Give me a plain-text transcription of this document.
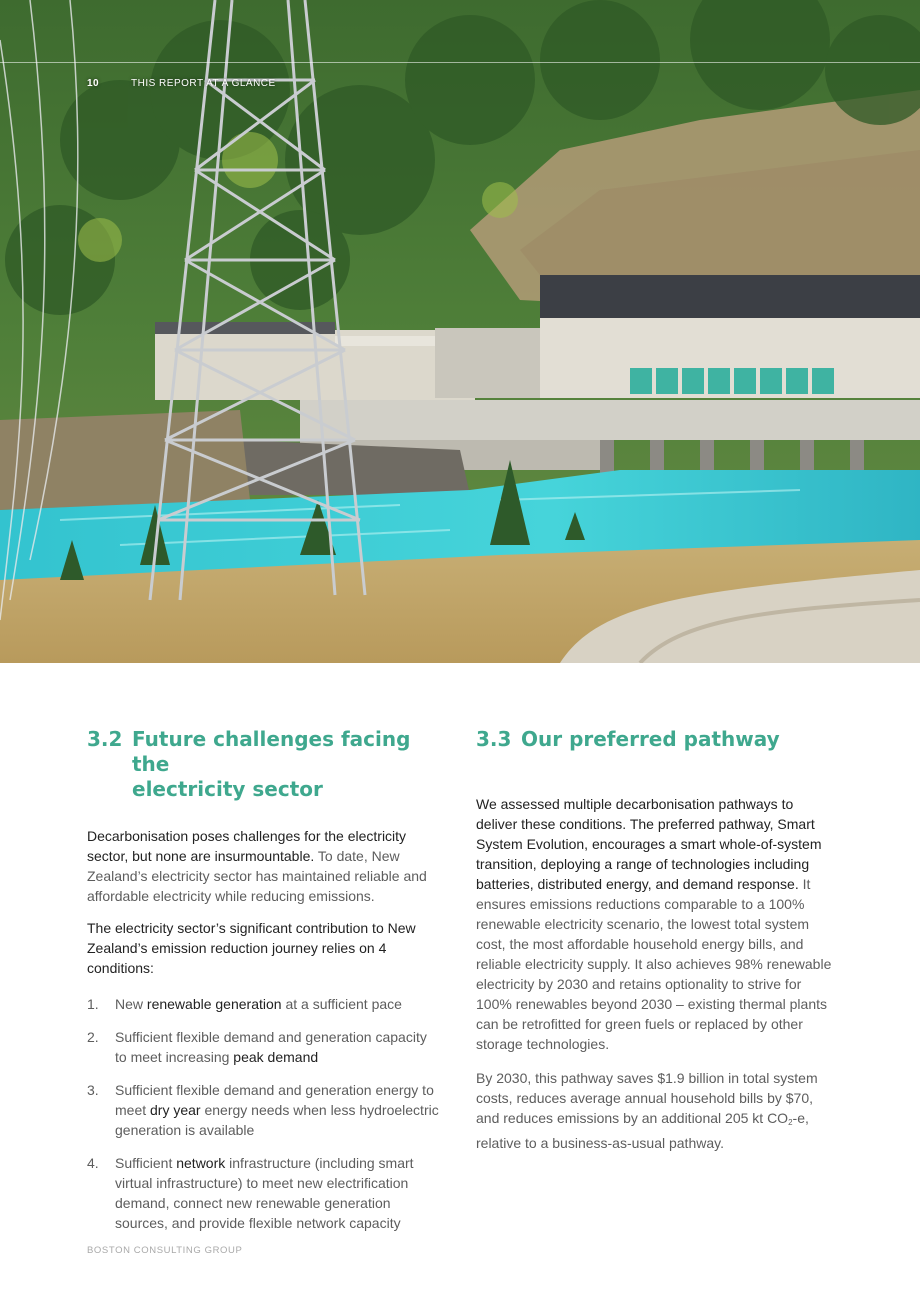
10	THIS REPORT AT A GLANCE
3.2 Future challenges facing the
electricity sector

Decarbonisation poses challenges for the electricity sector, but none are insurmountable. To date, New Zealand’s electricity sector has maintained reliable and affordable electricity while reducing emissions.

The electricity sector’s significant contribution to New Zealand’s emission reduction journey relies on 4 conditions:

1.	New renewable generation at a sufficient pace
2.	Sufficient flexible demand and generation capacity to meet increasing peak demand
3.	Sufficient flexible demand and generation energy to meet dry year energy needs when less hydroelectric generation is available
4.	Sufficient network infrastructure (including smart virtual infrastructure) to meet new electrification demand, connect new renewable generation sources, and provide flexible network capacity
3.3 Our preferred pathway

We assessed multiple decarbonisation pathways to deliver these conditions. The preferred pathway, Smart System Evolution, encourages a smart whole-of-system transition, deploying a range of technologies including batteries, distributed energy, and demand response. It ensures emissions reductions comparable to a 100% renewable electricity scenario, the lowest total system cost, the most affordable household energy bills, and reliable electricity supply. It also achieves 98% renewable electricity by 2030 and retains optionality to strive for 100% renewables beyond 2030 – existing thermal plants can be retrofitted for green fuels or replaced by other storage technologies.

By 2030, this pathway saves $1.9 billion in total system costs, reduces average annual household bills by $70, and reduces emissions by an additional 205 kt $CO_2-e$, relative to a business-as-usual pathway.

BOSTON CONSULTING GROUP
